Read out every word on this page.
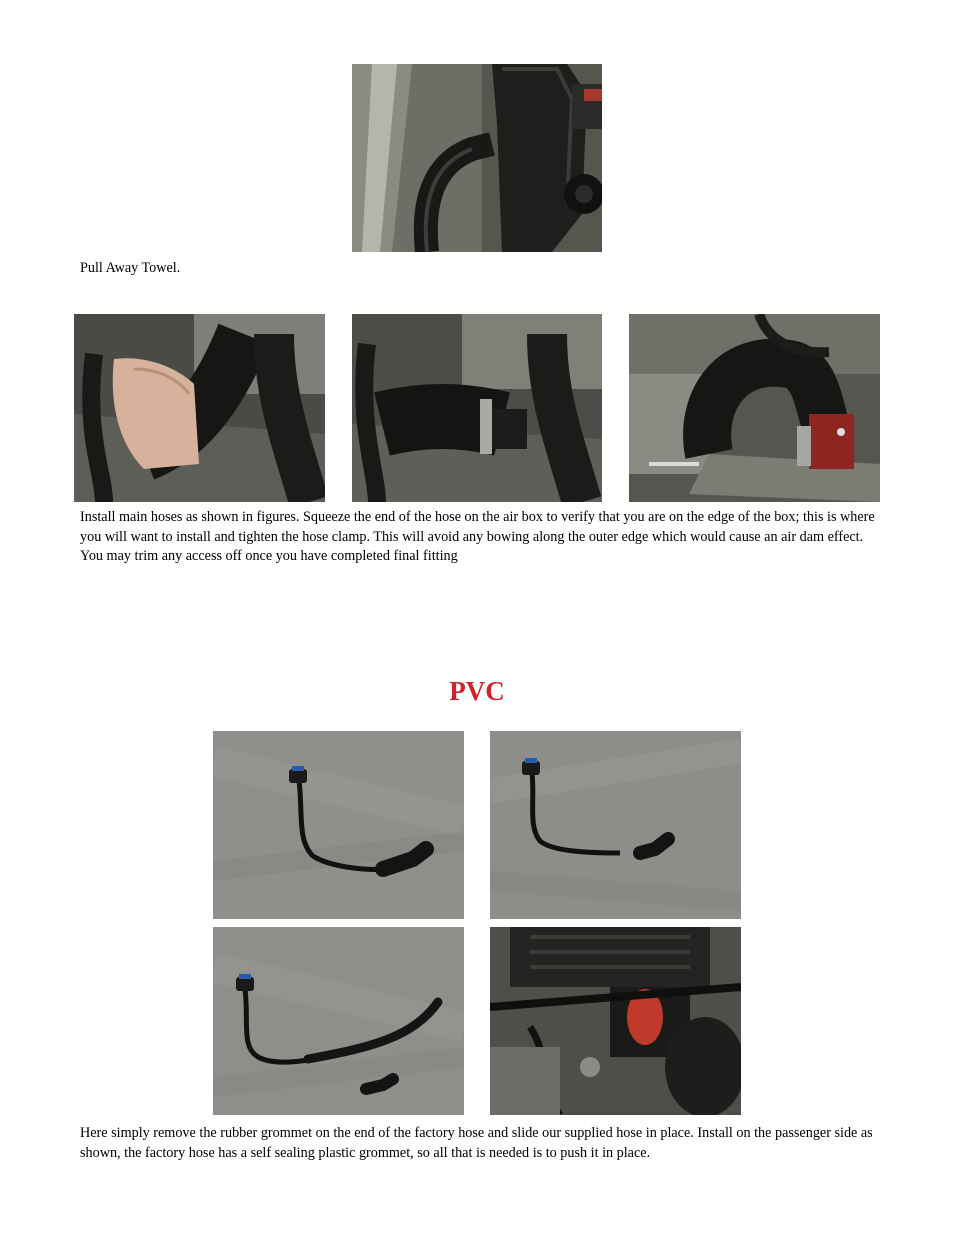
Pull Away Towel.
Install main hoses as shown in figures. Squeeze the end of the hose on the air box to verify that you are on the edge of the box; this is where you will want to install and tighten the hose clamp. This will avoid any bowing along the outer edge which would cause an air dam effect. You may trim any access off once you have completed final fitting
PVC
Here simply remove the rubber grommet on the end of the factory hose and slide our supplied hose in place. Install on the passenger side as shown, the factory hose has a self sealing plastic grommet, so all that is needed is to push it in place.
